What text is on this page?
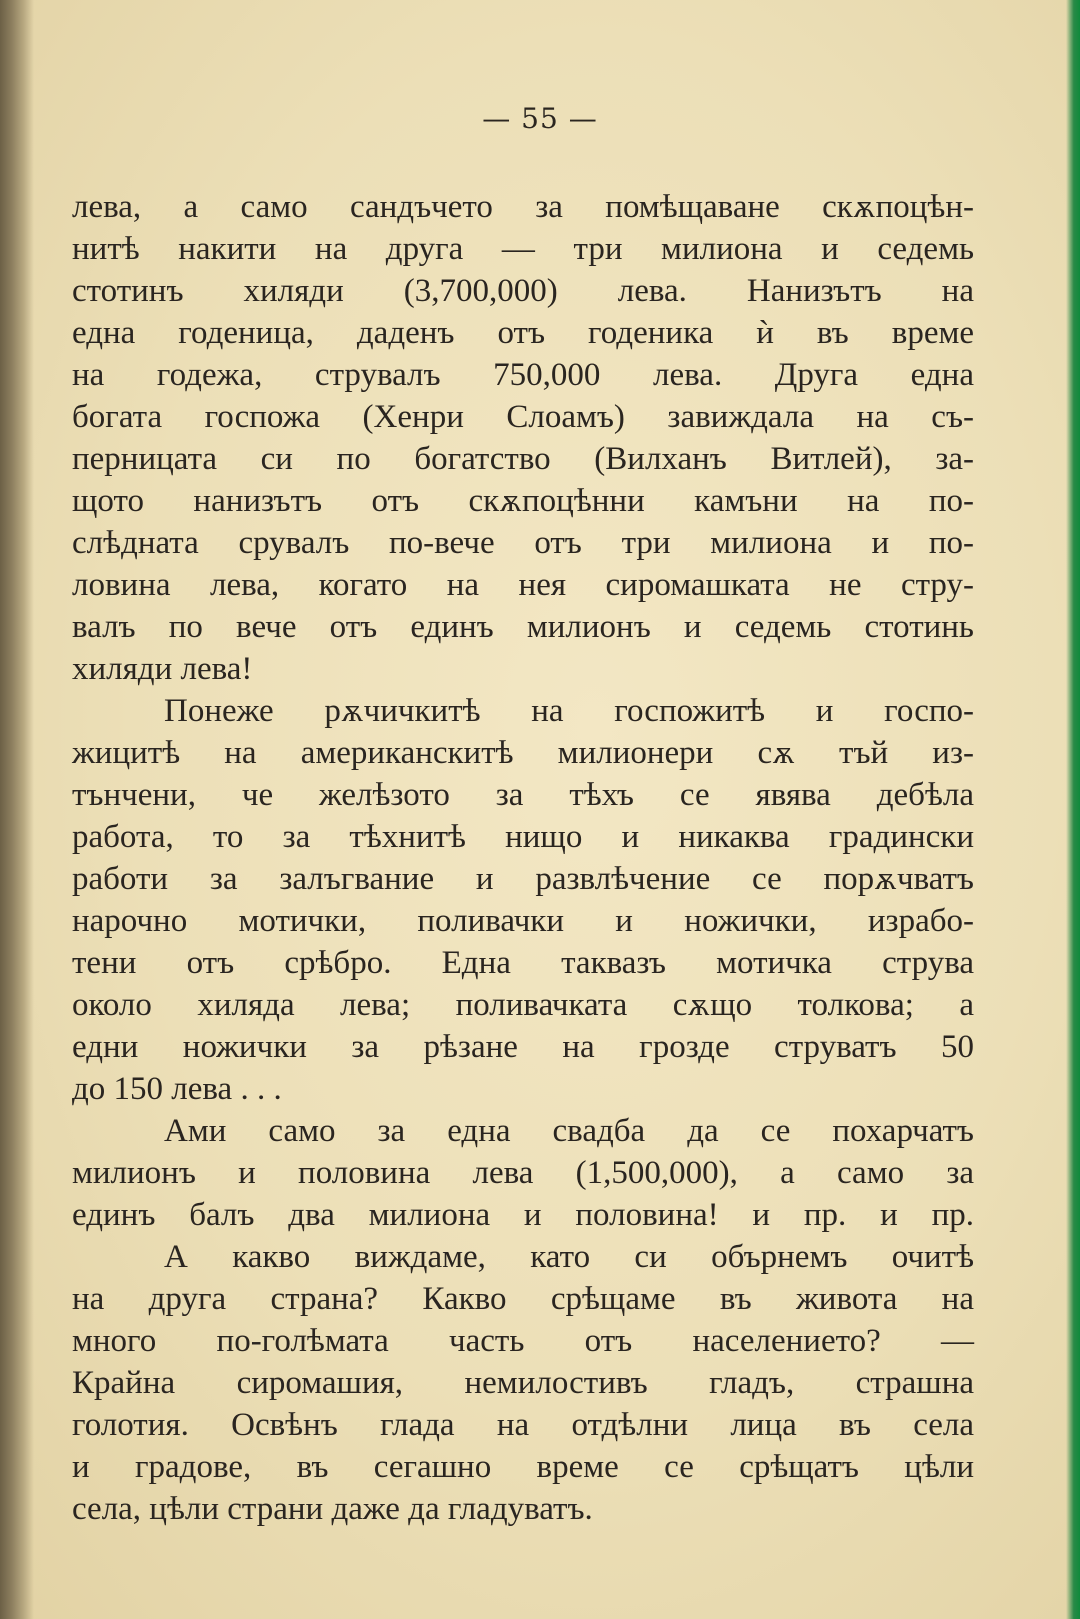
— 55 —
лева, а само сандъчето за помѣщаване скѫпоцѣн-
нитѣ накити на друга — три милиона и седемь
стотинъ хиляди (3,700,000) лева. Нанизътъ на
една годеница, даденъ отъ годеника ѝ въ време
на годежа, струвалъ 750,000 лева. Друга една
богата госпожа (Хенри Слоамъ) завиждала на съ-
перницата си по богатство (Вилханъ Витлей), за-
щото нанизътъ отъ скѫпоцѣнни камъни на по-
слѣдната срувалъ по-вече отъ три милиона и по-
ловина лева, когато на нея сиромашката не стру-
валъ по вече отъ единъ милионъ и седемь стотинь
хиляди лева!
Понеже рѫчичкитѣ на госпожитѣ и госпо-
жицитѣ на американскитѣ милионери сѫ тъй из-
тънчени, че желѣзото за тѣхъ се явява дебѣла
работа, то за тѣхнитѣ нищо и никаква градински
работи за залъгвание и развлѣчение се порѫчватъ
нарочно мотички, поливачки и ножички, израбо-
тени отъ срѣбро. Една таквазъ мотичка струва
около хиляда лева; поливачката сѫщо толкова; а
едни ножички за рѣзане на грозде струватъ 50
до 150 лева . . .
Ами само за една свадба да се похарчатъ
милионъ и половина лева (1,500,000), а само за
единъ балъ два милиона и половина! и пр. и пр.
А какво виждаме, като си обърнемъ очитѣ
на друга страна? Какво срѣщаме въ живота на
много по-голѣмата часть отъ населението? —
Крайна сиромашия, немилостивъ гладъ, страшна
голотия. Освѣнъ глада на отдѣлни лица въ села
и градове, въ сегашно време се срѣщатъ цѣли
села, цѣли страни даже да гладуватъ.
